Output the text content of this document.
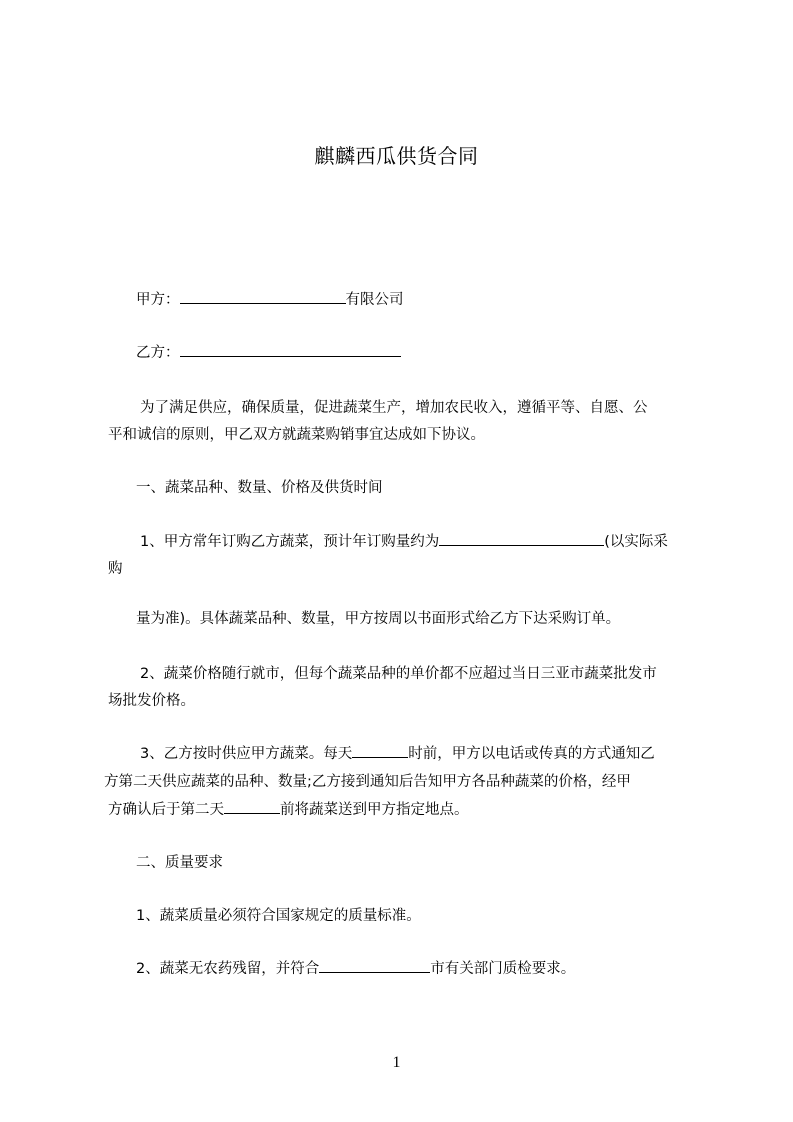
麒麟西瓜供货合同
甲方：	有限公司
乙方：
为了满足供应，确保质量，促进蔬菜生产，增加农民收入，遵循平等、自愿、公
平和诚信的原则，甲乙双方就蔬菜购销事宜达成如下协议。
一、蔬菜品种、数量、价格及供货时间
1、甲方常年订购乙方蔬菜，预计年订购量约为	(以实际采
购
量为准)。具体蔬菜品种、数量，甲方按周以书面形式给乙方下达采购订单。
2、蔬菜价格随行就市，但每个蔬菜品种的单价都不应超过当日三亚市蔬菜批发市
场批发价格。
3、乙方按时供应甲方蔬菜。每天	时前，甲方以电话或传真的方式通知乙
方第二天供应蔬菜的品种、数量;乙方接到通知后告知甲方各品种蔬菜的价格，经甲
方确认后于第二天	前将蔬菜送到甲方指定地点。
二、质量要求
1、蔬菜质量必须符合国家规定的质量标准。
2、蔬菜无农药残留，并符合	市有关部门质检要求。
1
